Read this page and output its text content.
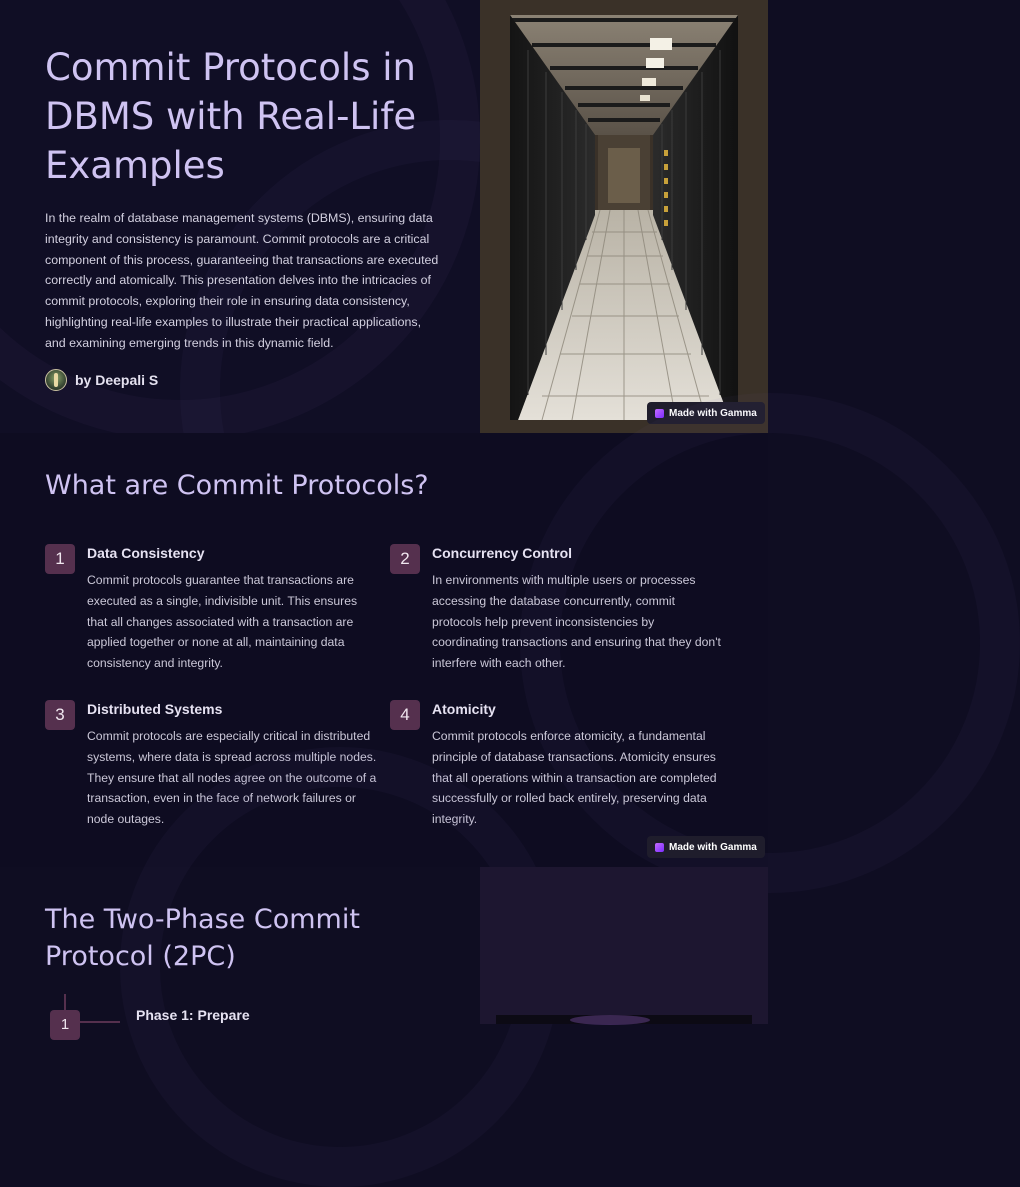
Commit Protocols in DBMS with Real-Life Examples

In the realm of database management systems (DBMS), ensuring data integrity and consistency is paramount. Commit protocols are a critical component of this process, guaranteeing that transactions are executed correctly and atomically. This presentation delves into the intricacies of commit protocols, exploring their role in ensuring data consistency, highlighting real-life examples to illustrate their practical applications, and examining emerging trends in this dynamic field.

by Deepali S
Made with Gamma
What are Commit Protocols?
1	Data Consistency

Commit protocols guarantee that transactions are executed as a single, indivisible unit. This ensures that all changes associated with a transaction are applied together or none at all, maintaining data consistency and integrity.

2	Concurrency Control

In environments with multiple users or processes accessing the database concurrently, commit protocols help prevent inconsistencies by coordinating transactions and ensuring that they don't interfere with each other.

3	Distributed Systems

Commit protocols are especially critical in distributed systems, where data is spread across multiple nodes. They ensure that all nodes agree on the outcome of a transaction, even in the face of network failures or node outages.

4	Atomicity

Commit protocols enforce atomicity, a fundamental principle of database transactions. Atomicity ensures that all operations within a transaction are completed successfully or rolled back entirely, preserving data integrity.

Made with Gamma
The Two-Phase Commit Protocol (2PC)
1
Phase 1: Prepare
